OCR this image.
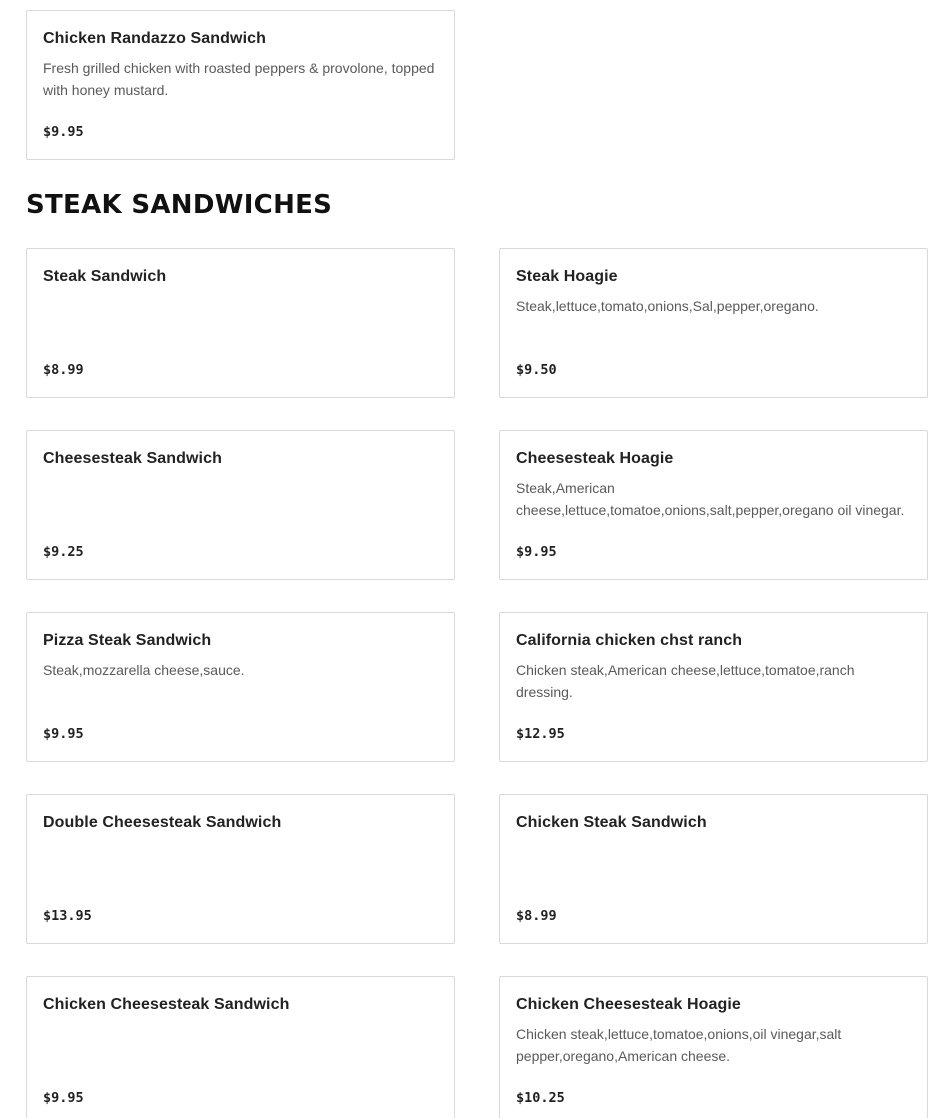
Chicken Randazzo Sandwich
Fresh grilled chicken with roasted peppers & provolone, topped with honey mustard.
$9.95
STEAK SANDWICHES
Steak Sandwich
$8.99
Steak Hoagie
Steak,lettuce,tomato,onions,Sal,pepper,oregano.
$9.50
Cheesesteak Sandwich
$9.25
Cheesesteak Hoagie
Steak,American cheese,lettuce,tomatoe,onions,salt,pepper,oregano oil vinegar.
$9.95
Pizza Steak Sandwich
Steak,mozzarella cheese,sauce.
$9.95
California chicken chst ranch
Chicken steak,American cheese,lettuce,tomatoe,ranch dressing.
$12.95
Double Cheesesteak Sandwich
$13.95
Chicken Steak Sandwich
$8.99
Chicken Cheesesteak Sandwich
$9.95
Chicken Cheesesteak Hoagie
Chicken steak,lettuce,tomatoe,onions,oil vinegar,salt pepper,oregano,American cheese.
$10.25
